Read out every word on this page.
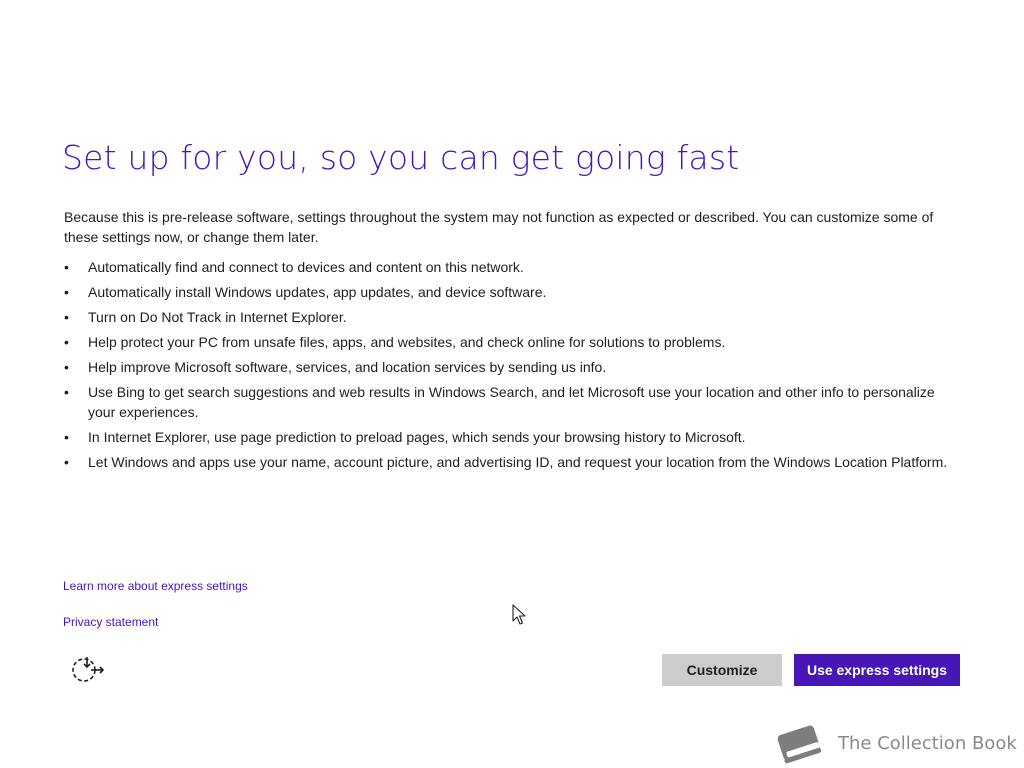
Set up for you, so you can get going fast
Because this is pre-release software, settings throughout the system may not function as expected or described. You can customize some of these settings now, or change them later.
• Automatically find and connect to devices and content on this network.
• Automatically install Windows updates, app updates, and device software.
• Turn on Do Not Track in Internet Explorer.
• Help protect your PC from unsafe files, apps, and websites, and check online for solutions to problems.
• Help improve Microsoft software, services, and location services by sending us info.
• Use Bing to get search suggestions and web results in Windows Search, and let Microsoft use your location and other info to personalize your experiences.
• In Internet Explorer, use page prediction to preload pages, which sends your browsing history to Microsoft.
• Let Windows and apps use your name, account picture, and advertising ID, and request your location from the Windows Location Platform.
Learn more about express settings
Privacy statement
Customize	Use express settings
The Collection Book
